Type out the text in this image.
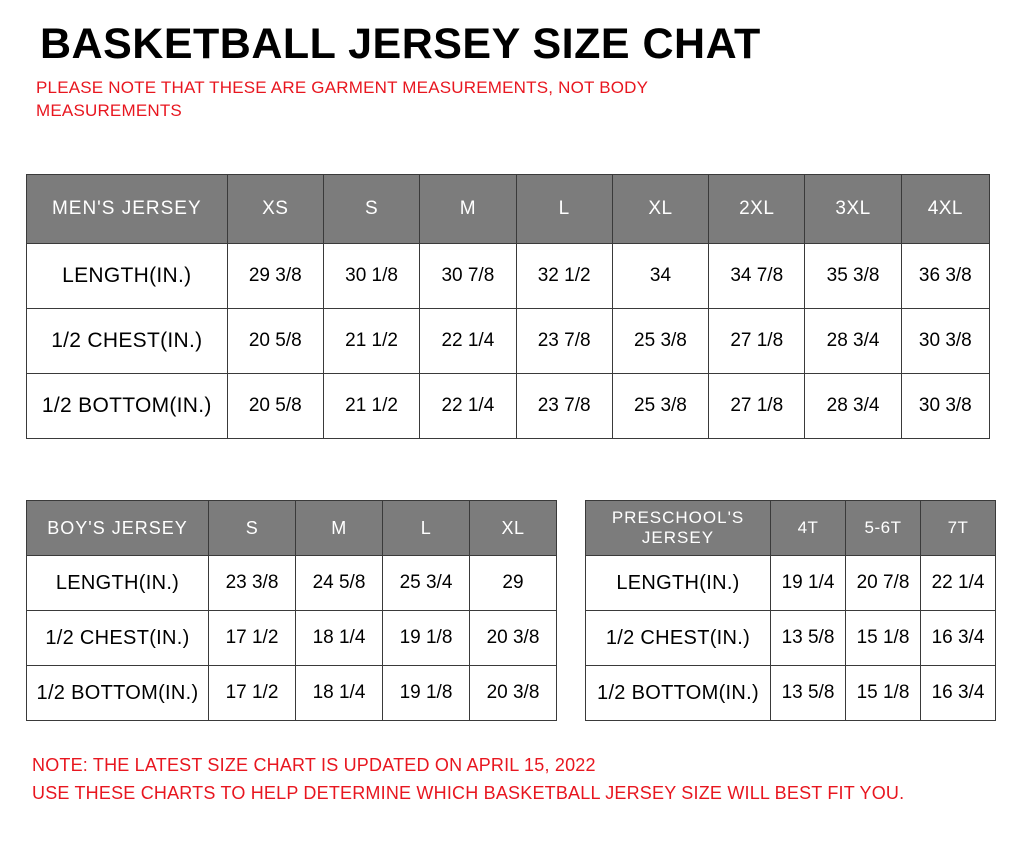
BASKETBALL JERSEY SIZE CHAT

PLEASE NOTE THAT THESE ARE GARMENT MEASUREMENTS, NOT BODY MEASUREMENTS

MEN'S JERSEY	XS	S	M	L	XL	2XL	3XL	4XL
LENGTH(IN.)	29 3/8	30 1/8	30 7/8	32 1/2	34	34 7/8	35 3/8	36 3/8
1/2 CHEST(IN.)	20 5/8	21 1/2	22 1/4	23 7/8	25 3/8	27 1/8	28 3/4	30 3/8
1/2 BOTTOM(IN.)	20 5/8	21 1/2	22 1/4	23 7/8	25 3/8	27 1/8	28 3/4	30 3/8
BOY'S JERSEY	S	M	L	XL
LENGTH(IN.)	23 3/8	24 5/8	25 3/4	29
1/2 CHEST(IN.)	17 1/2	18 1/4	19 1/8	20 3/8
1/2 BOTTOM(IN.)	17 1/2	18 1/4	19 1/8	20 3/8
PRESCHOOL'S JERSEY	4T	5-6T	7T
LENGTH(IN.)	19 1/4	20 7/8	22 1/4
1/2 CHEST(IN.)	13 5/8	15 1/8	16 3/4
1/2 BOTTOM(IN.)	13 5/8	15 1/8	16 3/4
NOTE: THE LATEST SIZE CHART IS UPDATED ON APRIL 15, 2022
USE THESE CHARTS TO HELP DETERMINE WHICH BASKETBALL JERSEY SIZE WILL BEST FIT YOU.
